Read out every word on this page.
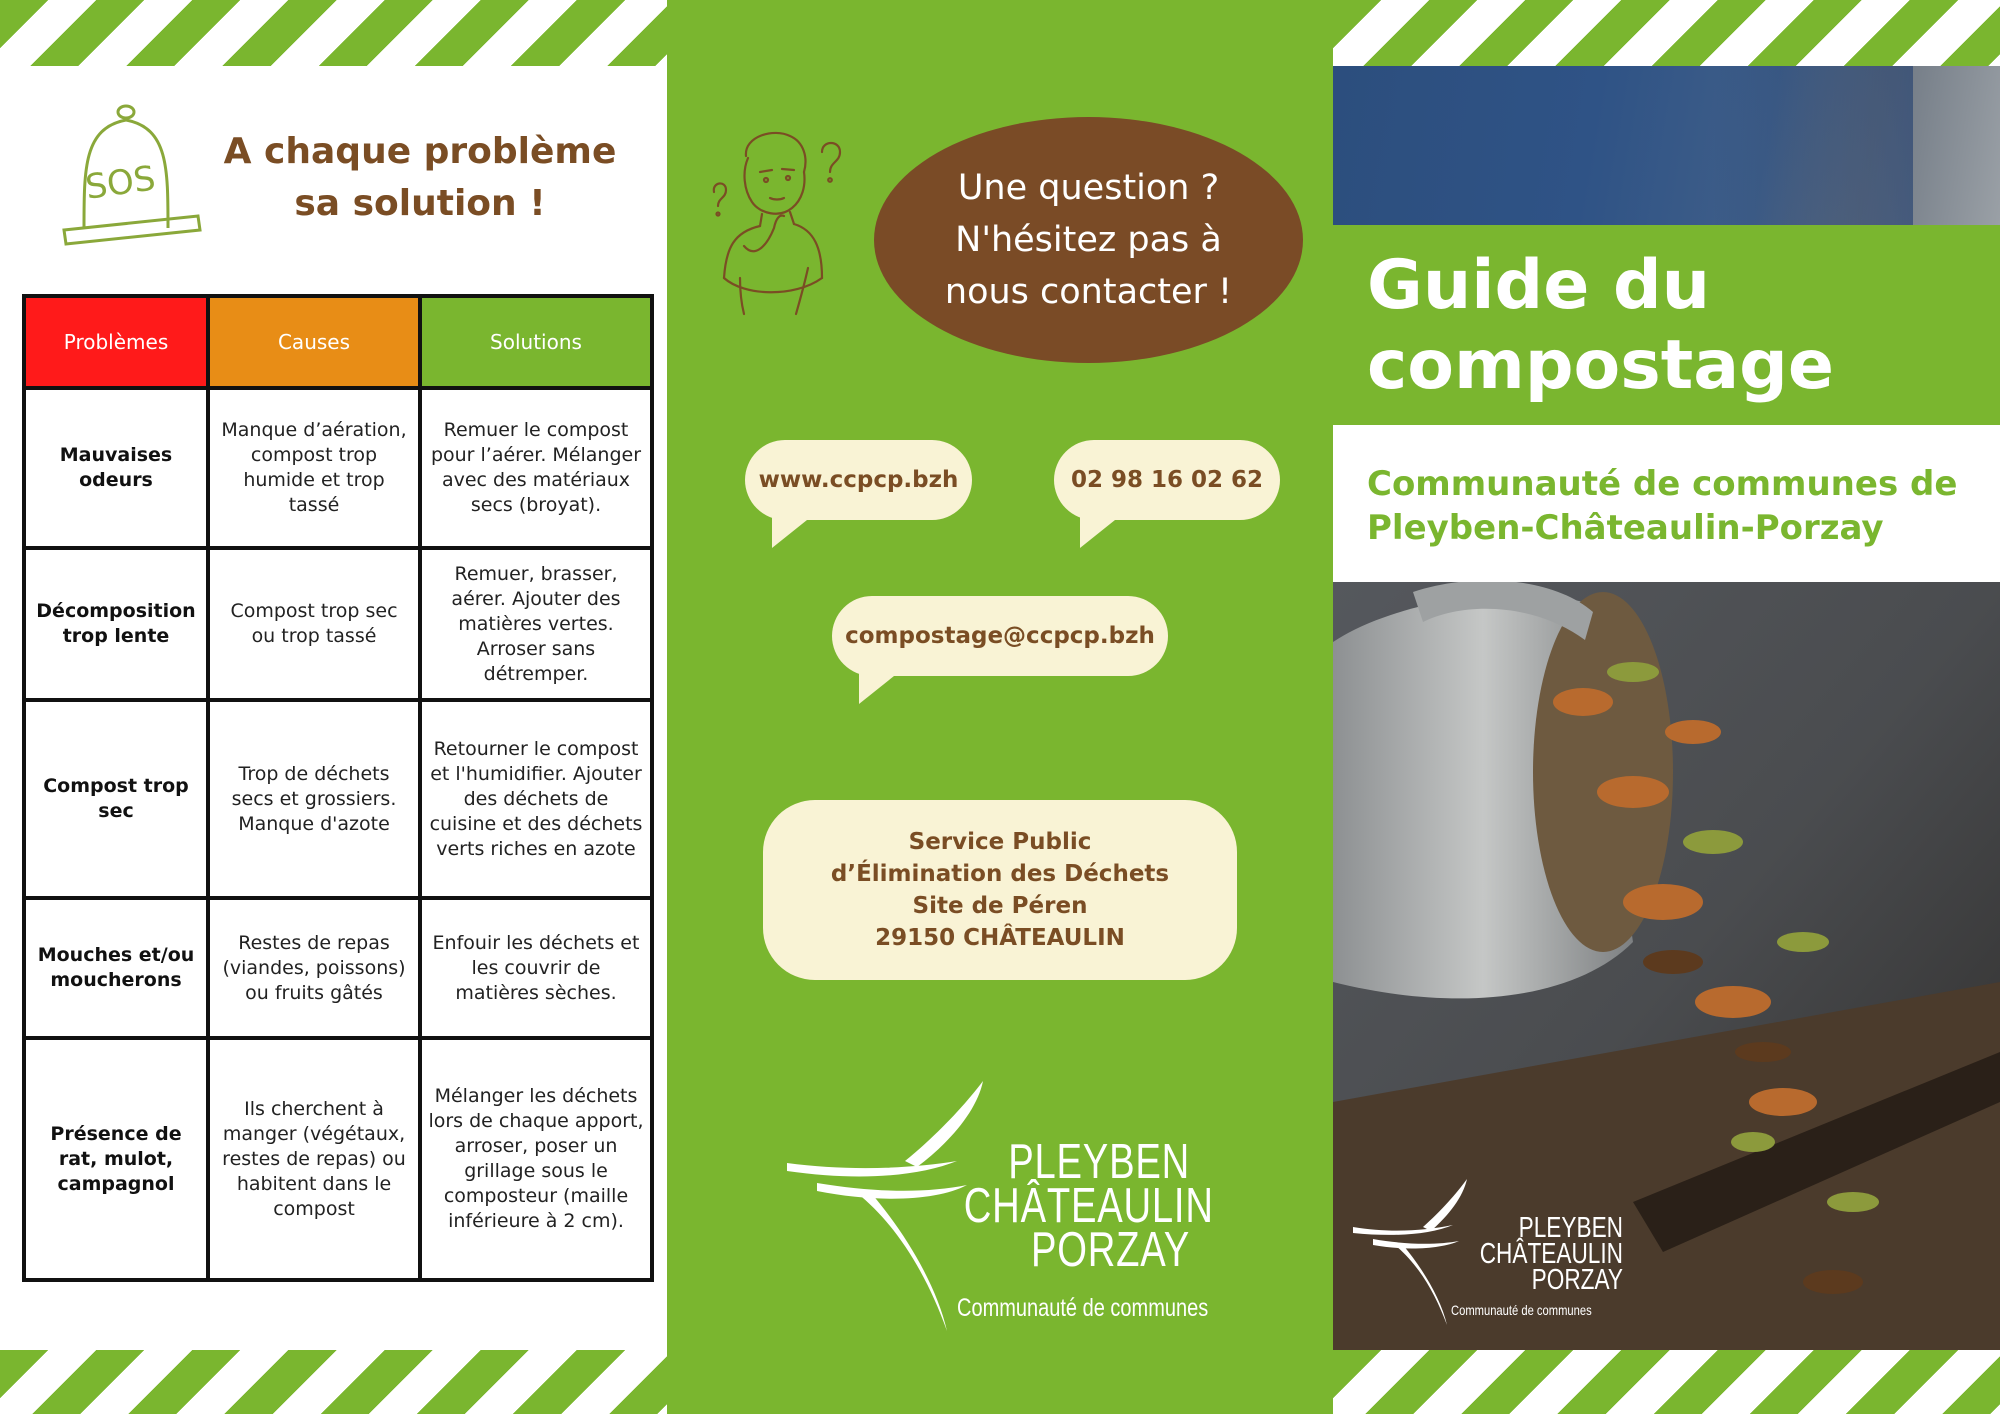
SOS
A chaque problème
sa solution !
Problèmes	Causes	Solutions
Mauvaises odeurs	Manque d’aération, compost trop humide et trop tassé	Remuer le compost pour l’aérer. Mélanger avec des matériaux secs (broyat).
Décomposition trop lente	Compost trop sec ou trop tassé	Remuer, brasser, aérer. Ajouter des matières vertes. Arroser sans détremper.
Compost trop sec	Trop de déchets secs et grossiers. Manque d'azote	Retourner le compost et l'humidifier. Ajouter des déchets de cuisine et des déchets verts riches en azote
Mouches et/ou moucherons	Restes de repas (viandes, poissons) ou fruits gâtés	Enfouir les déchets et les couvrir de matières sèches.
Présence de rat, mulot, campagnol	Ils cherchent à manger (végétaux, restes de repas) ou habitent dans le compost	Mélanger les déchets lors de chaque apport, arroser, poser un grillage sous le composteur (maille inférieure à 2 cm).
Une question ?
N'hésitez pas à
nous contacter !
www.ccpcp.bzh	02 98 16 02 62
compostage@ccpcp.bzh
Service Public
d’Élimination des Déchets
Site de Péren
29150 CHÂTEAULIN
PLEYBEN
CHÂTEAULIN
PORZAY
Communauté de communes
Guide du
compostage
Communauté de communes de
Pleyben-Châteaulin-Porzay
PLEYBEN
CHÂTEAULIN
PORZAY
Communauté de communes
